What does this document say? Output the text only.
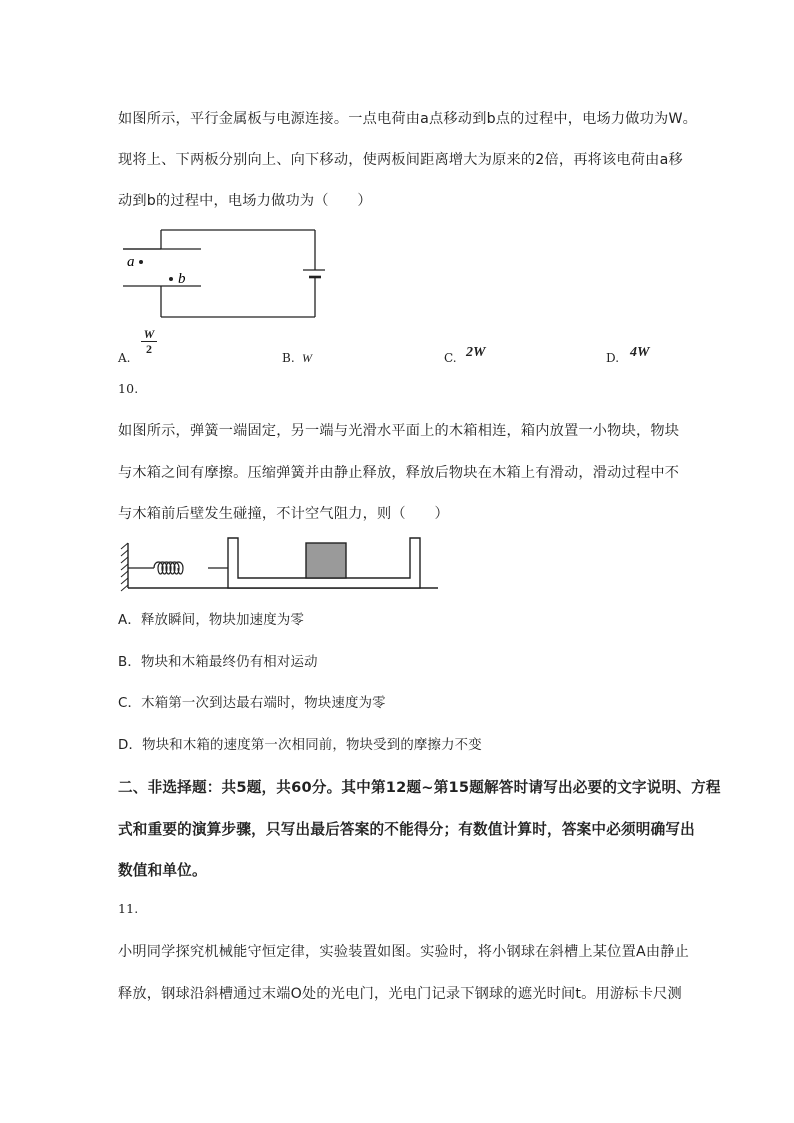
如图所示，平行金属板与电源连接。一点电荷由a点移动到b点的过程中，电场力做功为W。
现将上、下两板分别向上、向下移动，使两板间距离增大为原来的2倍，再将该电荷由a移
动到b的过程中，电场力做功为（　　）
a
b
A.
$\frac{W}{2}$
B. W	C. 2W	D. 4W
10.
如图所示，弹簧一端固定，另一端与光滑水平面上的木箱相连，箱内放置一小物块，物块
与木箱之间有摩擦。压缩弹簧并由静止释放，释放后物块在木箱上有滑动，滑动过程中不
与木箱前后壁发生碰撞，不计空气阻力，则（　　）
A．释放瞬间，物块加速度为零
B．物块和木箱最终仍有相对运动
C．木箱第一次到达最右端时，物块速度为零
D．物块和木箱的速度第一次相同前，物块受到的摩擦力不变
二、非选择题：共5题，共60分。其中第12题~第15题解答时请写出必要的文字说明、方程
式和重要的演算步骤，只写出最后答案的不能得分；有数值计算时，答案中必须明确写出
数值和单位。
11.
小明同学探究机械能守恒定律，实验装置如图。实验时，将小钢球在斜槽上某位置A由静止
释放，钢球沿斜槽通过末端O处的光电门，光电门记录下钢球的遮光时间t。用游标卡尺测
